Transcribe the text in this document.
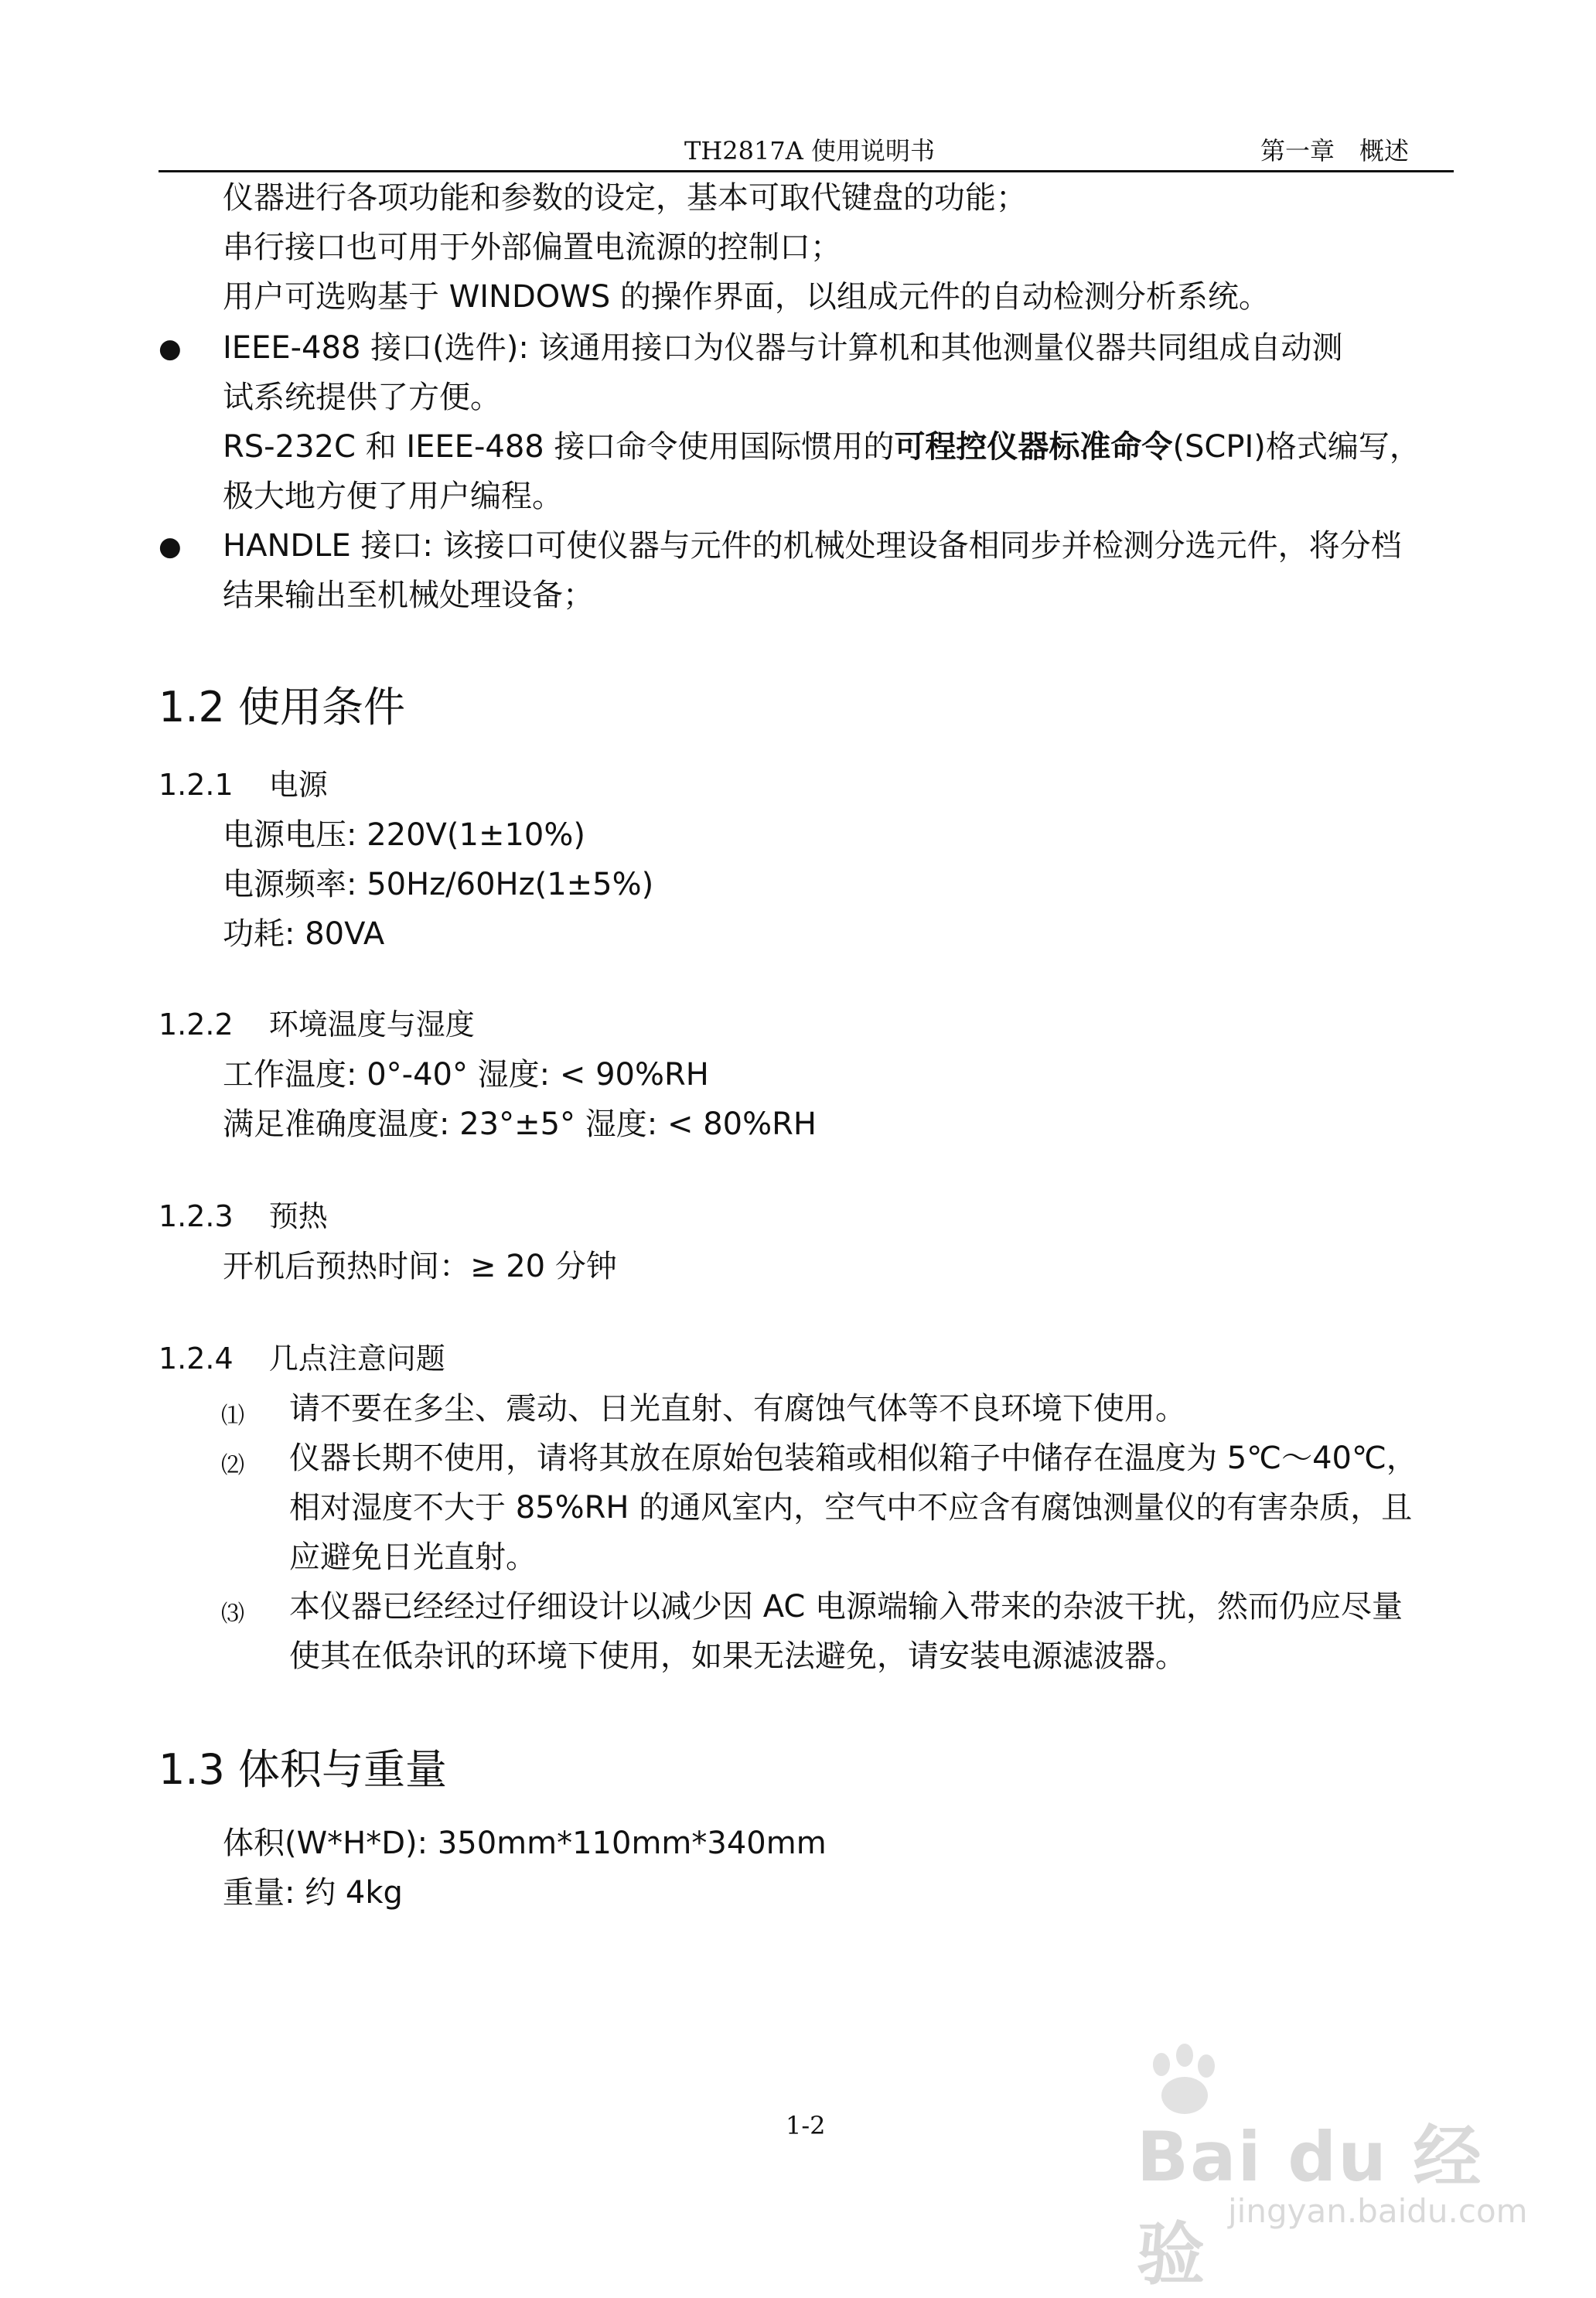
TH2817A 使用说明书	第一章　概述
仪器进行各项功能和参数的设定，基本可取代键盘的功能；
串行接口也可用于外部偏置电流源的控制口；
用户可选购基于 WINDOWS 的操作界面，以组成元件的自动检测分析系统。
● IEEE-488 接口(选件): 该通用接口为仪器与计算机和其他测量仪器共同组成自动测
试系统提供了方便。
RS-232C 和 IEEE-488 接口命令使用国际惯用的可程控仪器标准命令(SCPI)格式编写，
极大地方便了用户编程。
● HANDLE 接口: 该接口可使仪器与元件的机械处理设备相同步并检测分选元件，将分档
结果输出至机械处理设备；
1.2 使用条件
1.2.1 电源
电源电压: 220V(1±10%)
电源频率: 50Hz/60Hz(1±5%)
功耗: 80VA
1.2.2 环境温度与湿度
工作温度: 0°-40° 湿度: < 90%RH
满足准确度温度: 23°±5° 湿度: < 80%RH
1.2.3 预热
开机后预热时间：≥ 20 分钟
1.2.4 几点注意问题
⑴ 请不要在多尘、震动、日光直射、有腐蚀气体等不良环境下使用。
⑵ 仪器长期不使用，请将其放在原始包装箱或相似箱子中储存在温度为 5℃～40℃，
相对湿度不大于 85%RH 的通风室内，空气中不应含有腐蚀测量仪的有害杂质，且
应避免日光直射。
⑶ 本仪器已经经过仔细设计以减少因 AC 电源端输入带来的杂波干扰，然而仍应尽量
使其在低杂讯的环境下使用，如果无法避免，请安装电源滤波器。
1.3 体积与重量
体积(W*H*D): 350mm*110mm*340mm
重量: 约 4kg
1-2	Bai du 经验
jingyan.baidu.com
